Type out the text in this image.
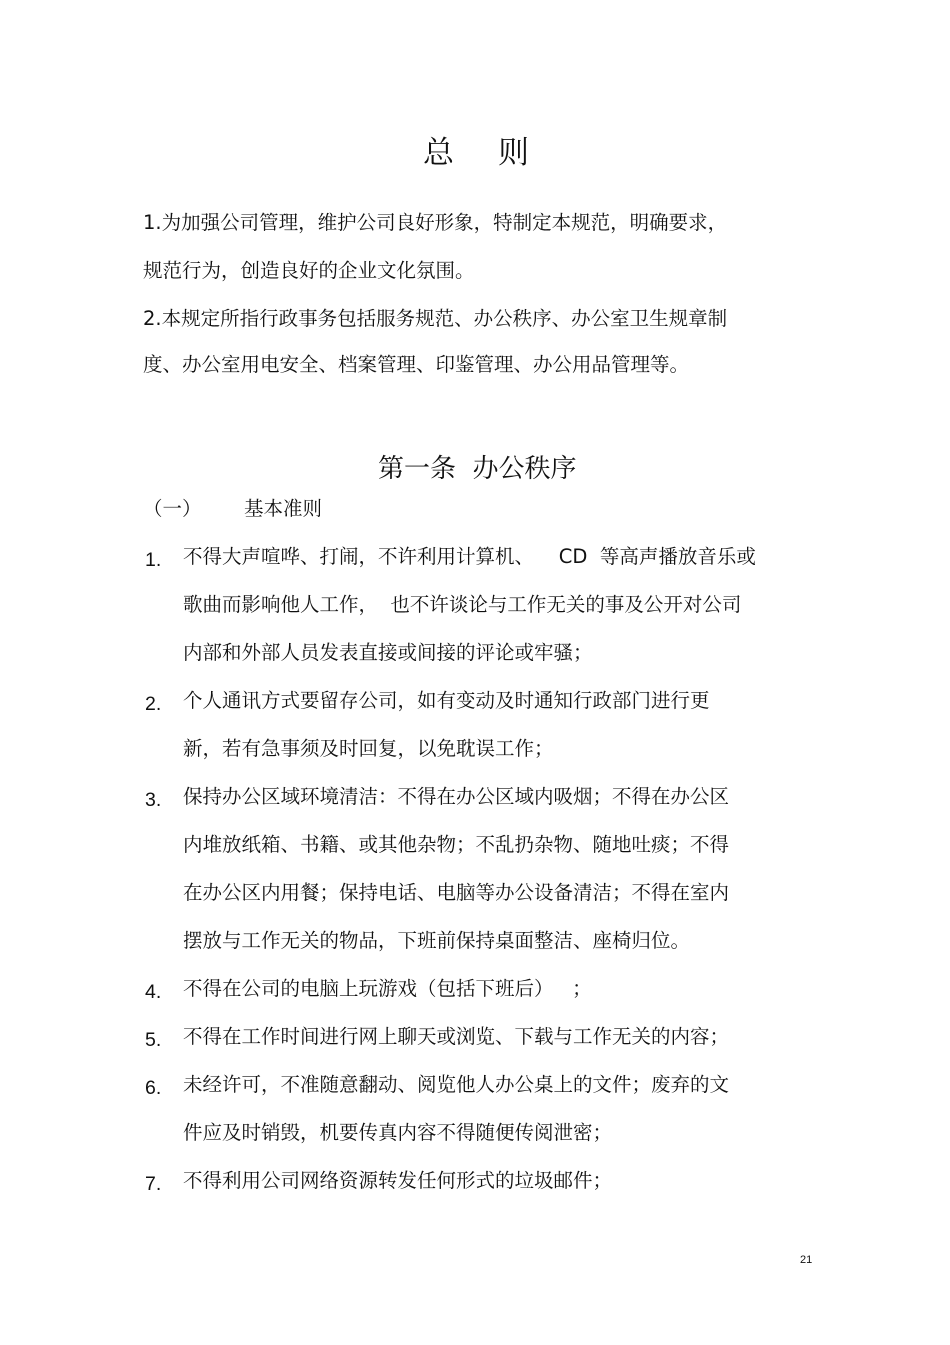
总 则
1.为加强公司管理，维护公司良好形象，特制定本规范，明确要求，
规范行为，创造良好的企业文化氛围。
2.本规定所指行政事务包括服务规范、办公秩序、办公室卫生规章制
度、办公室用电安全、档案管理、印鉴管理、办公用品管理等。
第一条  办公秩序
（一） 基本准则
1. 不得大声喧哗、打闹，不许利用计算机、    CD  等高声播放音乐或
歌曲而影响他人工作，  也不许谈论与工作无关的事及公开对公司
内部和外部人员发表直接或间接的评论或牢骚；
2. 个人通讯方式要留存公司，如有变动及时通知行政部门进行更
新，若有急事须及时回复，以免耽误工作；
3. 保持办公区域环境清洁：不得在办公区域内吸烟；不得在办公区
内堆放纸箱、书籍、或其他杂物；不乱扔杂物、随地吐痰；不得
在办公区内用餐；保持电话、电脑等办公设备清洁；不得在室内
摆放与工作无关的物品，下班前保持桌面整洁、座椅归位。
4. 不得在公司的电脑上玩游戏（包括下班后）   ；
5. 不得在工作时间进行网上聊天或浏览、下载与工作无关的内容；
6. 未经许可，不准随意翻动、阅览他人办公桌上的文件；废弃的文
件应及时销毁，机要传真内容不得随便传阅泄密；
7. 不得利用公司网络资源转发任何形式的垃圾邮件；
21
